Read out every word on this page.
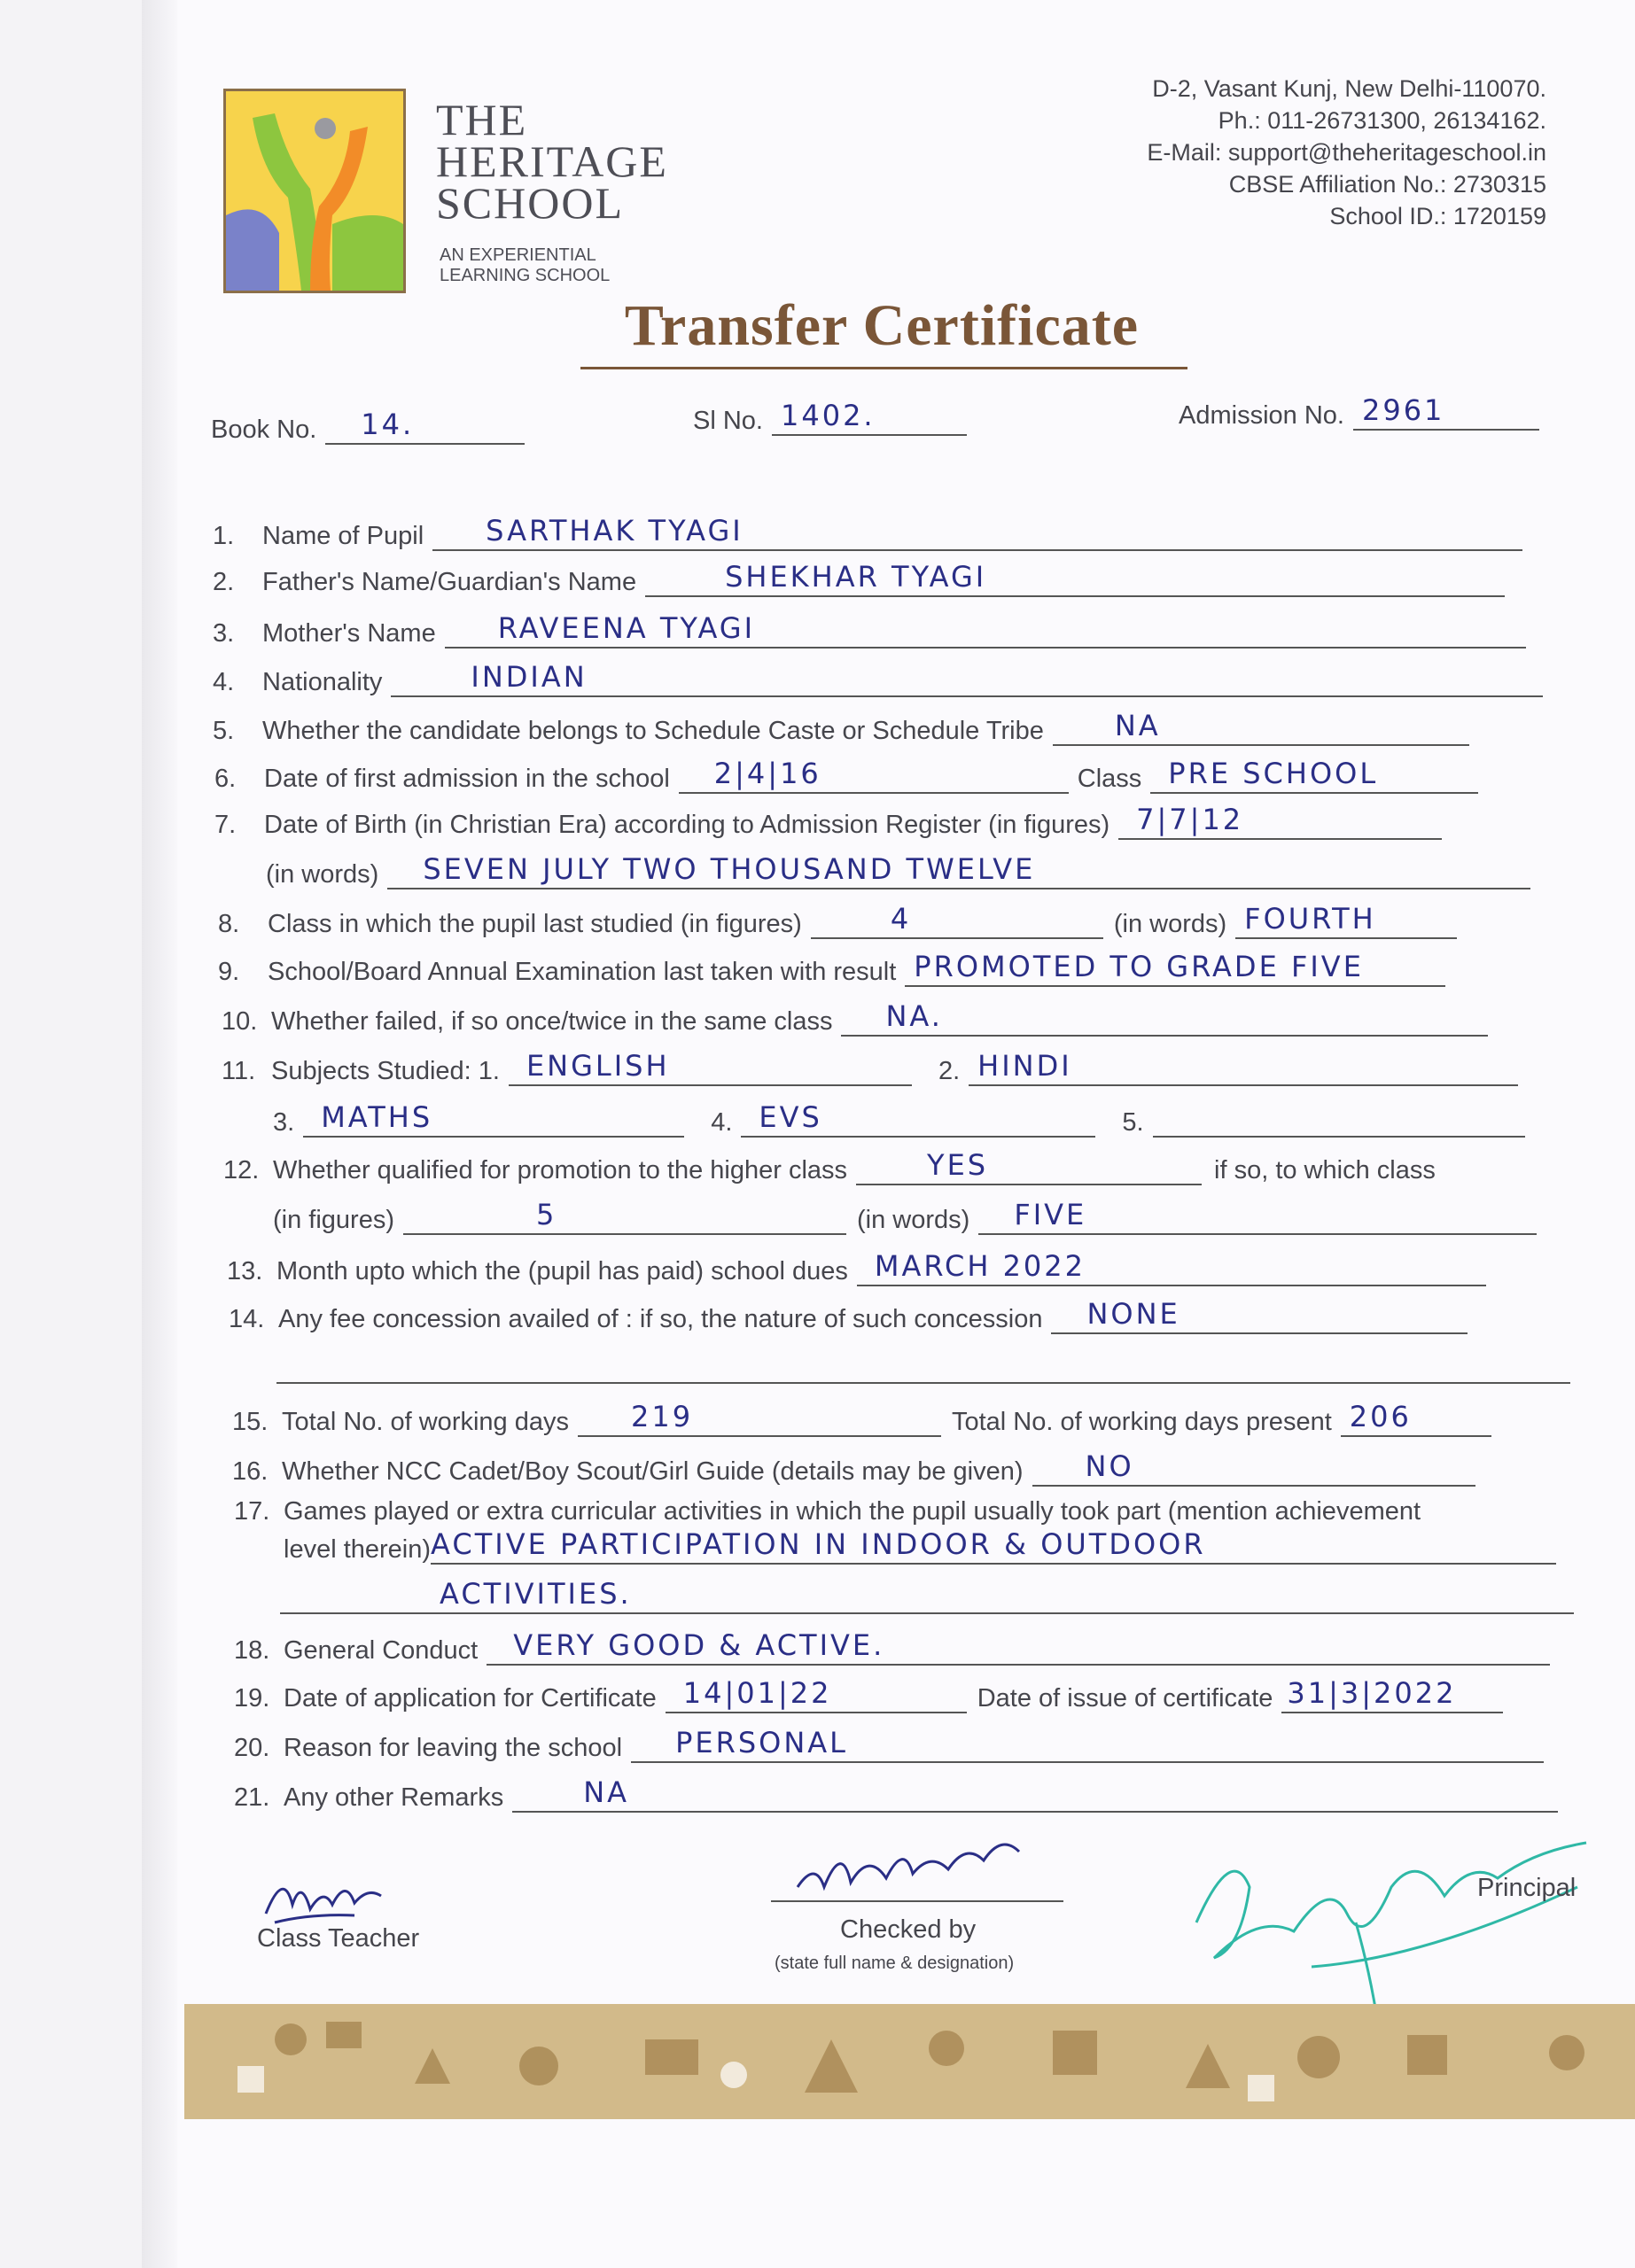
THE
HERITAGE
SCHOOL
AN EXPERIENTIAL
LEARNING SCHOOL
D-2, Vasant Kunj, New Delhi-110070.
Ph.: 011-26731300, 26134162.
E-Mail: support@theheritageschool.in
CBSE Affiliation No.: 2730315
School ID.: 1720159
Transfer Certificate
Book No. 14.	Sl No. 1402.	Admission No. 2961
1.	Name of Pupil SARTHAK TYAGI
2.	Father's Name/Guardian's Name	SHEKHAR TYAGI
3.	Mother's Name RAVEENA TYAGI
4.	Nationality	INDIAN
5.	Whether the candidate belongs to Schedule Caste or Schedule Tribe	NA
6.	Date of first admission in the school 2|4|16	Class PRE SCHOOL
7.	Date of Birth (in Christian Era) according to Admission Register (in figures) 7|7|12
(in words) SEVEN JULY TWO THOUSAND TWELVE
8.	Class in which the pupil last studied (in figures)	4	(in words) FOURTH
9.	School/Board Annual Examination last taken with result PROMOTED TO GRADE FIVE
10. Whether failed, if so once/twice in the same class NA.
11. Subjects Studied: 1. ENGLISH	2. HINDI
3. MATHS	4. EVS	5.
12. Whether qualified for promotion to the higher class	YES	if so, to which class
(in figures)	5	(in words) FIVE
13. Month upto which the (pupil has paid) school dues MARCH 2022
14. Any fee concession availed of : if so, the nature of such concession NONE
15. Total No. of working days 219	Total No. of working days present 206
16. Whether NCC Cadet/Boy Scout/Girl Guide (details may be given) NO
17. Games played or extra curricular activities in which the pupil usually took part (mention achievement
level therein) ACTIVE PARTICIPATION IN INDOOR & OUTDOOR
ACTIVITIES.
18. General Conduct VERY GOOD & ACTIVE.
19. Date of application for Certificate 14|01|22	Date of issue of certificate 31|3|2022
20. Reason for leaving the school PERSONAL
21. Any other Remarks	NA
Class Teacher	Checked by
(state full name & designation)
Principal
